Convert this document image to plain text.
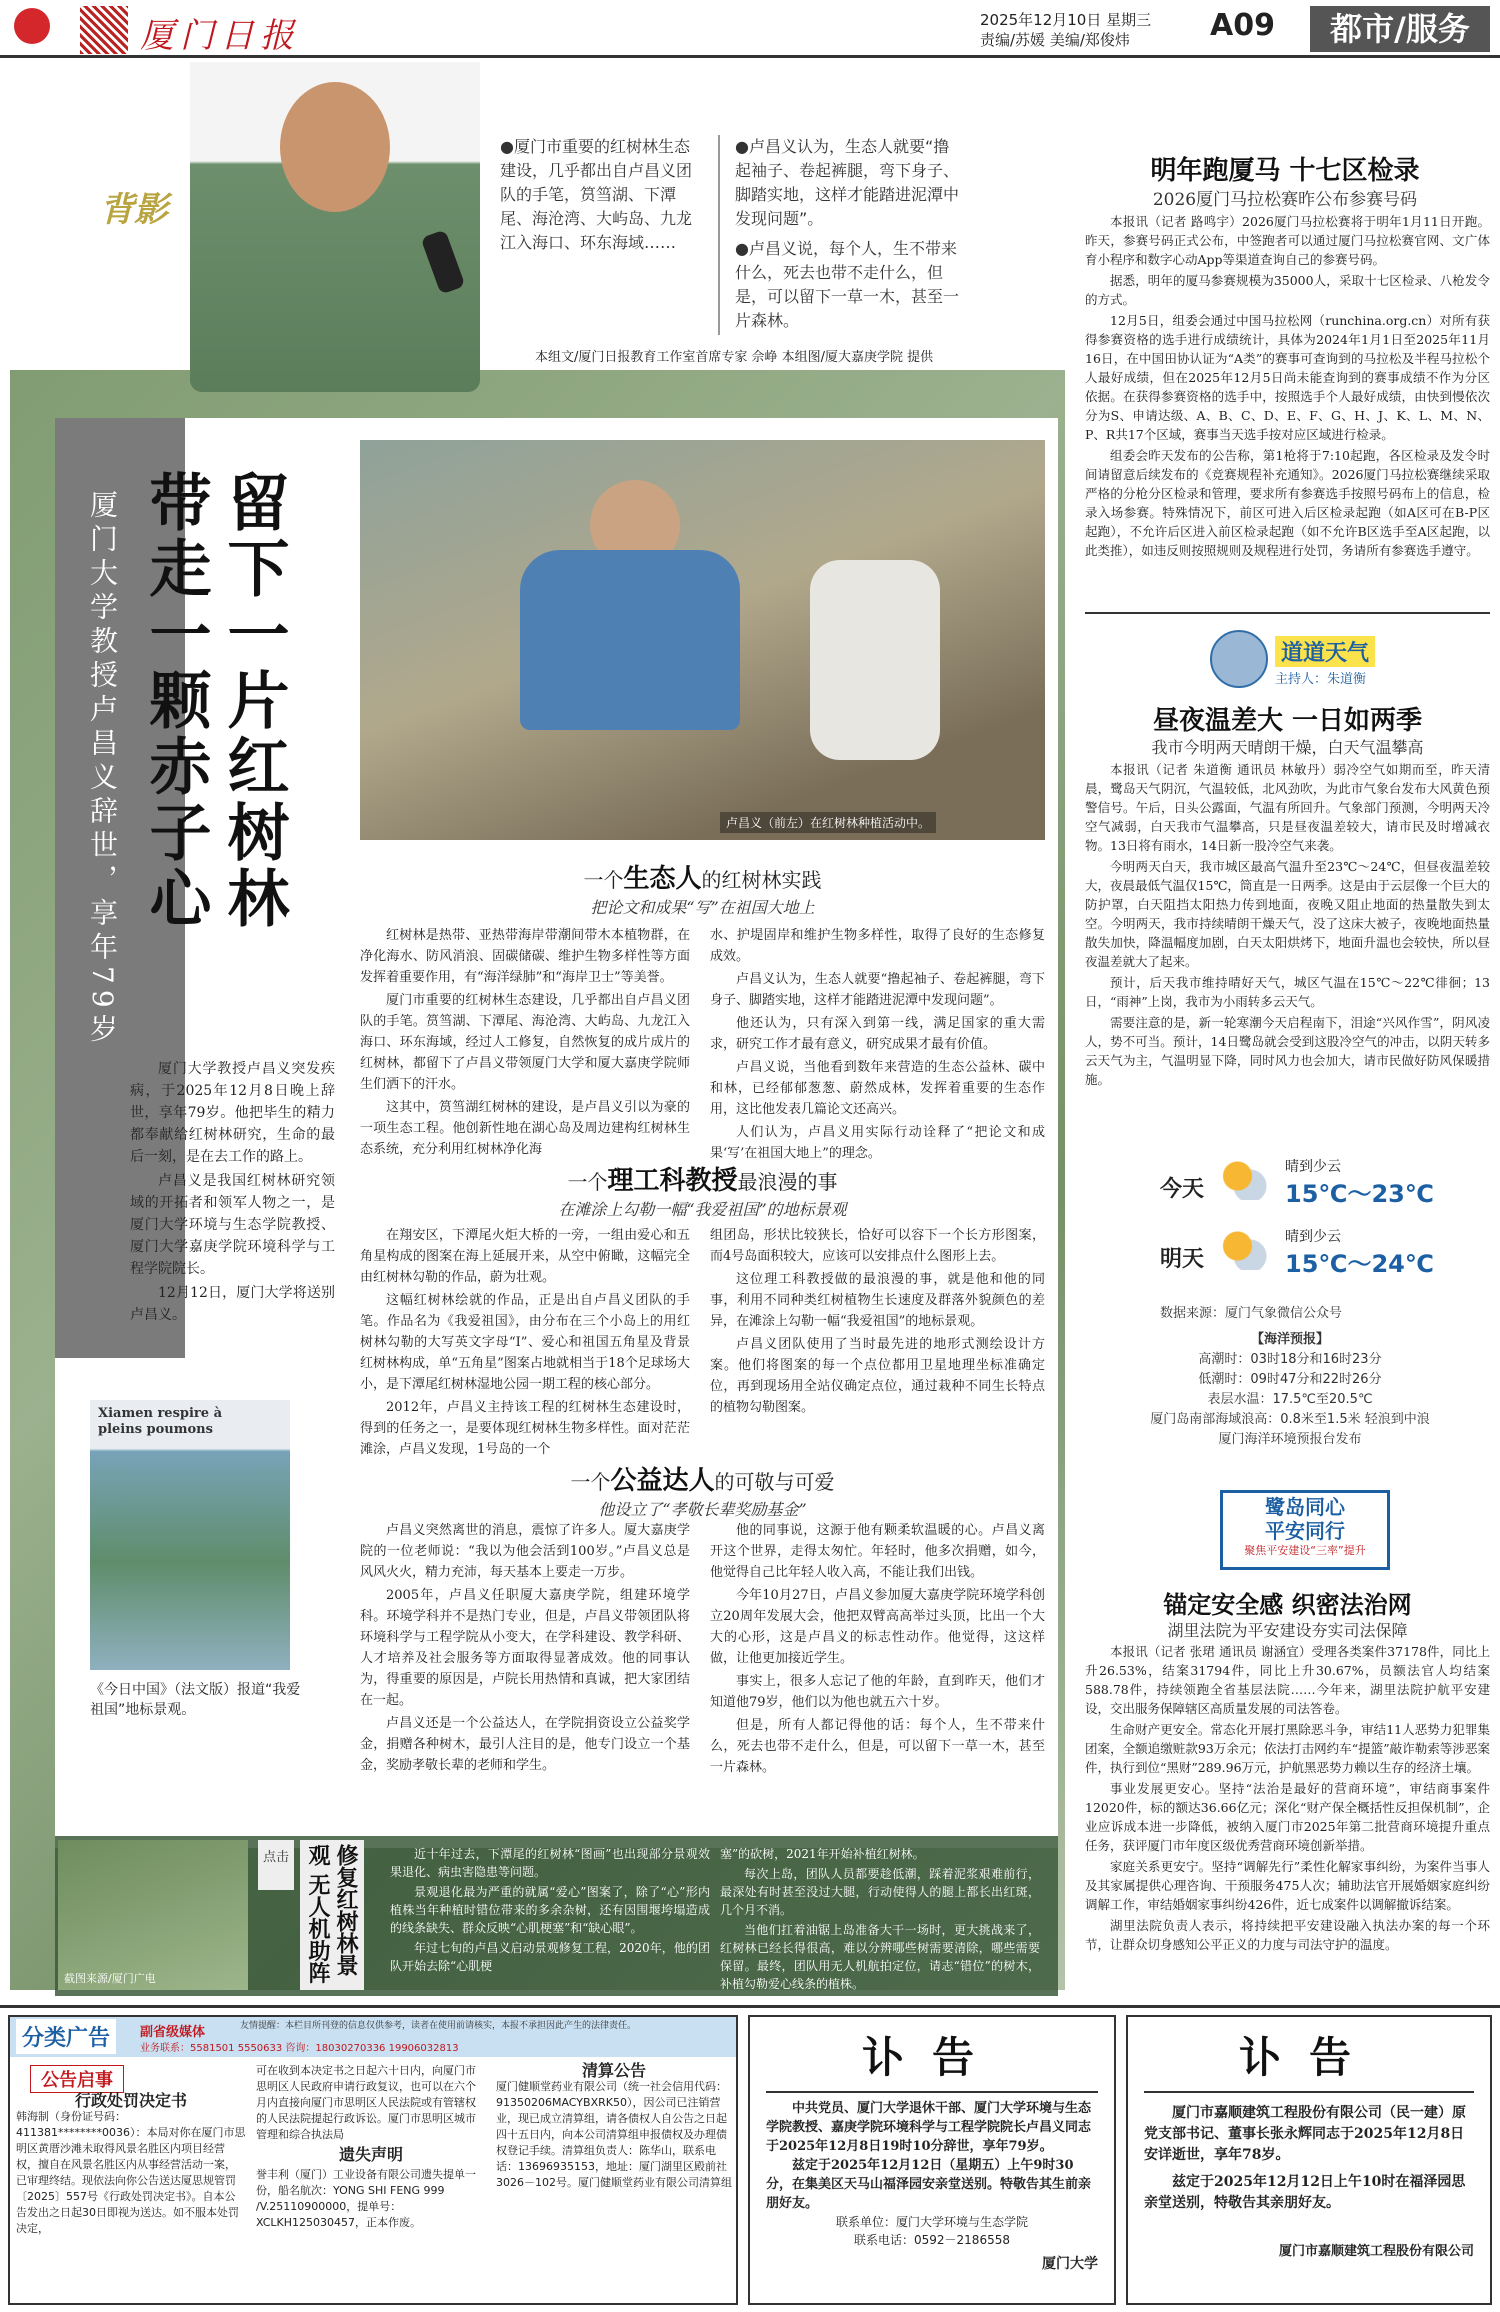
厦门日报	2025年12月10日 星期三
责编/苏媛 美编/郑俊炜	A09	都市/服务
背影
●厦门市重要的红树林生态建设，几乎都出自卢昌义团队的手笔，筼筜湖、下潭尾、海沧湾、大屿岛、九龙江入海口、环东海域……
●卢昌义认为，生态人就要“撸起袖子、卷起裤腿，弯下身子、脚踏实地，这样才能踏进泥潭中发现问题”。
●卢昌义说，每个人，生不带来什么，死去也带不走什么，但是，可以留下一草一木，甚至一片森林。
本组文/厦门日报教育工作室首席专家 佘峥 本组图/厦大嘉庚学院 提供
留下一片红树林
带走一颗赤子心
厦门大学教授卢昌义辞世，享年79岁	卢昌义（前左）在红树林种植活动中。

厦门大学教授卢昌义突发疾病，于2025年12月8日晚上辞世，享年79岁。他把毕生的精力都奉献给红树林研究，生命的最后一刻，是在去工作的路上。

卢昌义是我国红树林研究领域的开拓者和领军人物之一，是厦门大学环境与生态学院教授、厦门大学嘉庚学院环境科学与工程学院院长。

12月12日，厦门大学将送别卢昌义。

Xiamen respire à pleins poumons
《今日中国》（法文版）报道“我爱祖国”地标景观。
一个生态人的红树林实践
把论文和成果“写”在祖国大地上

红树林是热带、亚热带海岸带潮间带木本植物群，在净化海水、防风消浪、固碳储碳、维护生物多样性等方面发挥着重要作用，有“海洋绿肺”和“海岸卫士”等美誉。

厦门市重要的红树林生态建设，几乎都出自卢昌义团队的手笔。筼筜湖、下潭尾、海沧湾、大屿岛、九龙江入海口、环东海域，经过人工修复，自然恢复的成片成片的红树林，都留下了卢昌义带领厦门大学和厦大嘉庚学院师生们洒下的汗水。

这其中，筼筜湖红树林的建设，是卢昌义引以为豪的一项生态工程。他创新性地在湖心岛及周边建构红树林生态系统，充分利用红树林净化海

水、护堤固岸和维护生物多样性，取得了良好的生态修复成效。

卢昌义认为，生态人就要“撸起袖子、卷起裤腿，弯下身子、脚踏实地，这样才能踏进泥潭中发现问题”。

他还认为，只有深入到第一线，满足国家的重大需求，研究工作才最有意义，研究成果才最有价值。

卢昌义说，当他看到数年来营造的生态公益林、碳中和林，已经郁郁葱葱、蔚然成林，发挥着重要的生态作用，这比他发表几篇论文还高兴。

人们认为，卢昌义用实际行动诠释了“把论文和成果‘写’在祖国大地上”的理念。

一个理工科教授最浪漫的事
在滩涂上勾勒一幅“我爱祖国”的地标景观

在翔安区，下潭尾火炬大桥的一旁，一组由爱心和五角星构成的图案在海上延展开来，从空中俯瞰，这幅完全由红树林勾勒的作品，蔚为壮观。

这幅红树林绘就的作品，正是出自卢昌义团队的手笔。作品名为《我爱祖国》，由分布在三个小岛上的用红树林勾勒的大写英文字母“I”、爱心和祖国五角星及背景红树林构成，单“五角星”图案占地就相当于18个足球场大小，是下潭尾红树林湿地公园一期工程的核心部分。

2012年，卢昌义主持该工程的红树林生态建设时，得到的任务之一，是要体现红树林生物多样性。面对茫茫滩涂，卢昌义发现，1号岛的一个

组团岛，形状比较狭长，恰好可以容下一个长方形图案，而4号岛面积较大，应该可以安排点什么图形上去。

这位理工科教授做的最浪漫的事，就是他和他的同事，利用不同种类红树植物生长速度及群落外貌颜色的差异，在滩涂上勾勒一幅“我爱祖国”的地标景观。

卢昌义团队使用了当时最先进的地形式测绘设计方案。他们将图案的每一个点位都用卫星地理坐标准确定位，再到现场用全站仪确定点位，通过栽种不同生长特点的植物勾勒图案。

一个公益达人的可敬与可爱
他设立了“孝敬长辈奖励基金”

卢昌义突然离世的消息，震惊了许多人。厦大嘉庚学院的一位老师说：“我以为他会活到100岁。”卢昌义总是风风火火，精力充沛，每天基本上要走一万步。

2005年，卢昌义任职厦大嘉庚学院，组建环境学科。环境学科并不是热门专业，但是，卢昌义带领团队将环境科学与工程学院从小变大，在学科建设、教学科研、人才培养及社会服务等方面取得显著成效。他的同事认为，得重要的原因是，卢院长用热情和真诚，把大家团结在一起。

卢昌义还是一个公益达人，在学院捐资设立公益奖学金，捐赠各种树木，最引人注目的是，他专门设立一个基金，奖励孝敬长辈的老师和学生。

他的同事说，这源于他有颗柔软温暖的心。卢昌义离开这个世界，走得太匆忙。年轻时，他多次捐赠，如今，他觉得自己比年轻人收入高，不能让我们出钱。

今年10月27日，卢昌义参加厦大嘉庚学院环境学科创立20周年发展大会，他把双臂高高举过头顶，比出一个大大的心形，这是卢昌义的标志性动作。他觉得，这这样做，让他更加接近学生。

事实上，很多人忘记了他的年龄，直到昨天，他们才知道他79岁，他们以为他也就五六十岁。

但是，所有人都记得他的话：每个人，生不带来什么，死去也带不走什么，但是，可以留下一草一木，甚至一片森林。

点击	修复红树林景观 无人机助阵	近十年过去，下潭尾的红树林“图画”也出现部分景观效果退化、病虫害隐患等问题。

景观退化最为严重的就属“爱心”图案了，除了“心”形内植株当年种植时错位带来的多余杂树，还有因围堰垮塌造成的线条缺失、群众反映“心肌梗塞”和“缺心眼”。

年过七旬的卢昌义启动景观修复工程，2020年，他的团队开始去除“心肌梗

塞”的砍树，2021年开始补植红树林。

每次上岛，团队人员都要趁低潮，踩着泥浆艰难前行，最深处有时甚至没过大腿，行动使得人的腿上都长出红斑，几个月不消。

当他们扛着油锯上岛准备大干一场时，更大挑战来了，红树林已经长得很高，难以分辨哪些树需要清除，哪些需要保留。最终，团队用无人机航拍定位，请志“错位”的树木，补植勾勒爱心线条的植株。

截图来源/厦门广电
明年跑厦马 十七区检录
2026厦门马拉松赛昨公布参赛号码

本报讯（记者 路鸣宇）2026厦门马拉松赛将于明年1月11日开跑。昨天，参赛号码正式公布，中签跑者可以通过厦门马拉松赛官网、文广体育小程序和数字心动App等渠道查询自己的参赛号码。

据悉，明年的厦马参赛规模为35000人，采取十七区检录、八枪发令的方式。

12月5日，组委会通过中国马拉松网（runchina.org.cn）对所有获得参赛资格的选手进行成绩统计，具体为2024年1月1日至2025年11月16日，在中国田协认证为“A类”的赛事可查询到的马拉松及半程马拉松个人最好成绩，但在2025年12月5日尚未能查询到的赛事成绩不作为分区依据。在获得参赛资格的选手中，按照选手个人最好成绩，由快到慢依次分为S、申请达级、A、B、C、D、E、F、G、H、J、K、L、M、N、P、R共17个区域，赛事当天选手按对应区域进行检录。

组委会昨天发布的公告称，第1枪将于7:10起跑，各区检录及发令时间请留意后续发布的《竞赛规程补充通知》。2026厦门马拉松赛继续采取严格的分枪分区检录和管理，要求所有参赛选手按照号码布上的信息，检录入场参赛。特殊情况下，前区可进入后区检录起跑（如A区可在B-P区起跑），不允许后区进入前区检录起跑（如不允许B区选手至A区起跑，以此类推），如违反则按照规则及规程进行处罚，务请所有参赛选手遵守。

道道天气
主持人：朱道衡
昼夜温差大 一日如两季
我市今明两天晴朗干燥，白天气温攀高

本报讯（记者 朱道衡 通讯员 林敏丹）弱冷空气如期而至，昨天清晨，鹭岛天气阴沉，气温较低，北风劲吹，为此市气象台发布大风黄色预警信号。午后，日头公露面，气温有所回升。气象部门预测，今明两天冷空气减弱，白天我市气温攀高，只是昼夜温差较大，请市民及时增减衣物。13日将有雨水，14日新一股冷空气来袭。

今明两天白天，我市城区最高气温升至23℃～24℃，但昼夜温差较大，夜晨最低气温仅15℃，筒直是一日两季。这是由于云层像一个巨大的防护罩，白天阻挡太阳热力传到地面，夜晚又阻止地面的热量散失到太空。今明两天，我市持续晴朗干燥天气，没了这床大被子，夜晚地面热量散失加快，降温幅度加剧，白天太阳烘烤下，地面升温也会较快，所以昼夜温差就大了起来。

预计，后天我市维持晴好天气，城区气温在15℃～22℃徘徊；13日，“雨神”上岗，我市为小雨转多云天气。

需要注意的是，新一轮寒潮今天启程南下，泪途“兴风作雪”，阴风凌人，势不可当。预计，14日鹭岛就会受到这股冷空气的冲击，以阴天转多云天气为主，气温明显下降，同时风力也会加大，请市民做好防风保暖措施。

今天
晴到少云
15℃～23℃
明天
晴到少云
15℃～24℃
数据来源：厦门气象微信公众号
【海洋预报】
高潮时：03时18分和16时23分
低潮时：09时47分和22时26分
表层水温：17.5℃至20.5℃
厦门岛南部海域浪高：0.8米至1.5米 轻浪到中浪
厦门海洋环境预报台发布
鹭岛同心
平安同行
聚焦平安建设“三率”提升
锚定安全感 织密法治网
湖里法院为平安建设夯实司法保障

本报讯（记者 张珺 通讯员 谢涵宜）受理各类案件37178件，同比上升26.53%，结案31794件，同比上升30.67%，员额法官人均结案588.78件，持续领跑全省基层法院……今年来，湖里法院护航平安建设，交出服务保障辖区高质量发展的司法答卷。

生命财产更安全。常态化开展打黑除恶斗争，审结11人恶势力犯罪集团案，全额追缴赃款93万余元；依法打击网约车“提篮”敲诈勒索等涉恶案件，执行到位“黑财”289.96万元，护航黑恶势力赖以生存的经济土壤。

事业发展更安心。坚持“法治是最好的营商环境”，审结商事案件12020件，标的额达36.66亿元；深化“财产保全概括性反担保机制”，企业应诉成本进一步降低，被纳入厦门市2025年第二批营商环境提升重点任务，获评厦门市年度区级优秀营商环境创新举措。

家庭关系更安宁。坚持“调解先行”柔性化解家事纠纷，为案件当事人及其家属提供心理咨询、干预服务475人次；辅助法官开展婚姻家庭纠纷调解工作，审结婚姻家事纠纷426件，近七成案件以调解撤诉结案。

湖里法院负责人表示，将持续把平安建设融入执法办案的每一个环节，让群众切身感知公平正义的力度与司法守护的温度。

分类广告	副省级媒体	友情提醒：本栏目所刊登的信息仅供参考，读者在使用前请核实，本报不承担因此产生的法律责任。
业务联系：5581501 5550633 咨询：18030270336 19906032813
公告启事
行政处罚决定书
韩海制（身份证号码：411381********0036）：本局对你在厦门市思明区黄厝沙滩未取得风景名胜区内项目经营权，擅自在风景名胜区内从事经营活动一案，已审理终结。现依法向你公告送达厦思规管罚〔2025〕557号《行政处罚决定书》。自本公告发出之日起30日即视为送达。如不服本处罚决定，
可在收到本决定书之日起六十日内，向厦门市思明区人民政府申请行政复议，也可以在六个月内直接向厦门市思明区人民法院或有管辖权的人民法院提起行政诉讼。厦门市思明区城市管理和综合执法局
遗失声明
誉丰利（厦门）工业设备有限公司遗失提单一份，船名航次：YONG SHI FENG 999 /V.25110900000，提单号：XCLKH125030457，正本作废。
清算公告
厦门健顺堂药业有限公司（统一社会信用代码：91350206MACYBXRK50），因公司已注销营业，现已成立清算组，请各债权人自公告之日起四十五日内，向本公司清算组申报债权及办理债权登记手续。清算组负责人：陈华山，联系电话：13696935153，地址：厦门湖里区殿前社3026－102号。厦门健顺堂药业有限公司清算组
讣告
中共党员、厦门大学退休干部、厦门大学环境与生态学院教授、嘉庚学院环境科学与工程学院院长卢昌义同志于2025年12月8日19时10分辞世，享年79岁。
兹定于2025年12月12日（星期五）上午9时30分，在集美区天马山福泽园安亲堂送别。特敬告其生前亲朋好友。
联系单位：厦门大学环境与生态学院
联系电话：0592－2186558
厦门大学
讣告
厦门市嘉顺建筑工程股份有限公司（民一建）原党支部书记、董事长张永辉同志于2025年12月8日安详逝世，享年78岁。
兹定于2025年12月12日上午10时在福泽园思亲堂送别，特敬告其亲朋好友。
厦门市嘉顺建筑工程股份有限公司
